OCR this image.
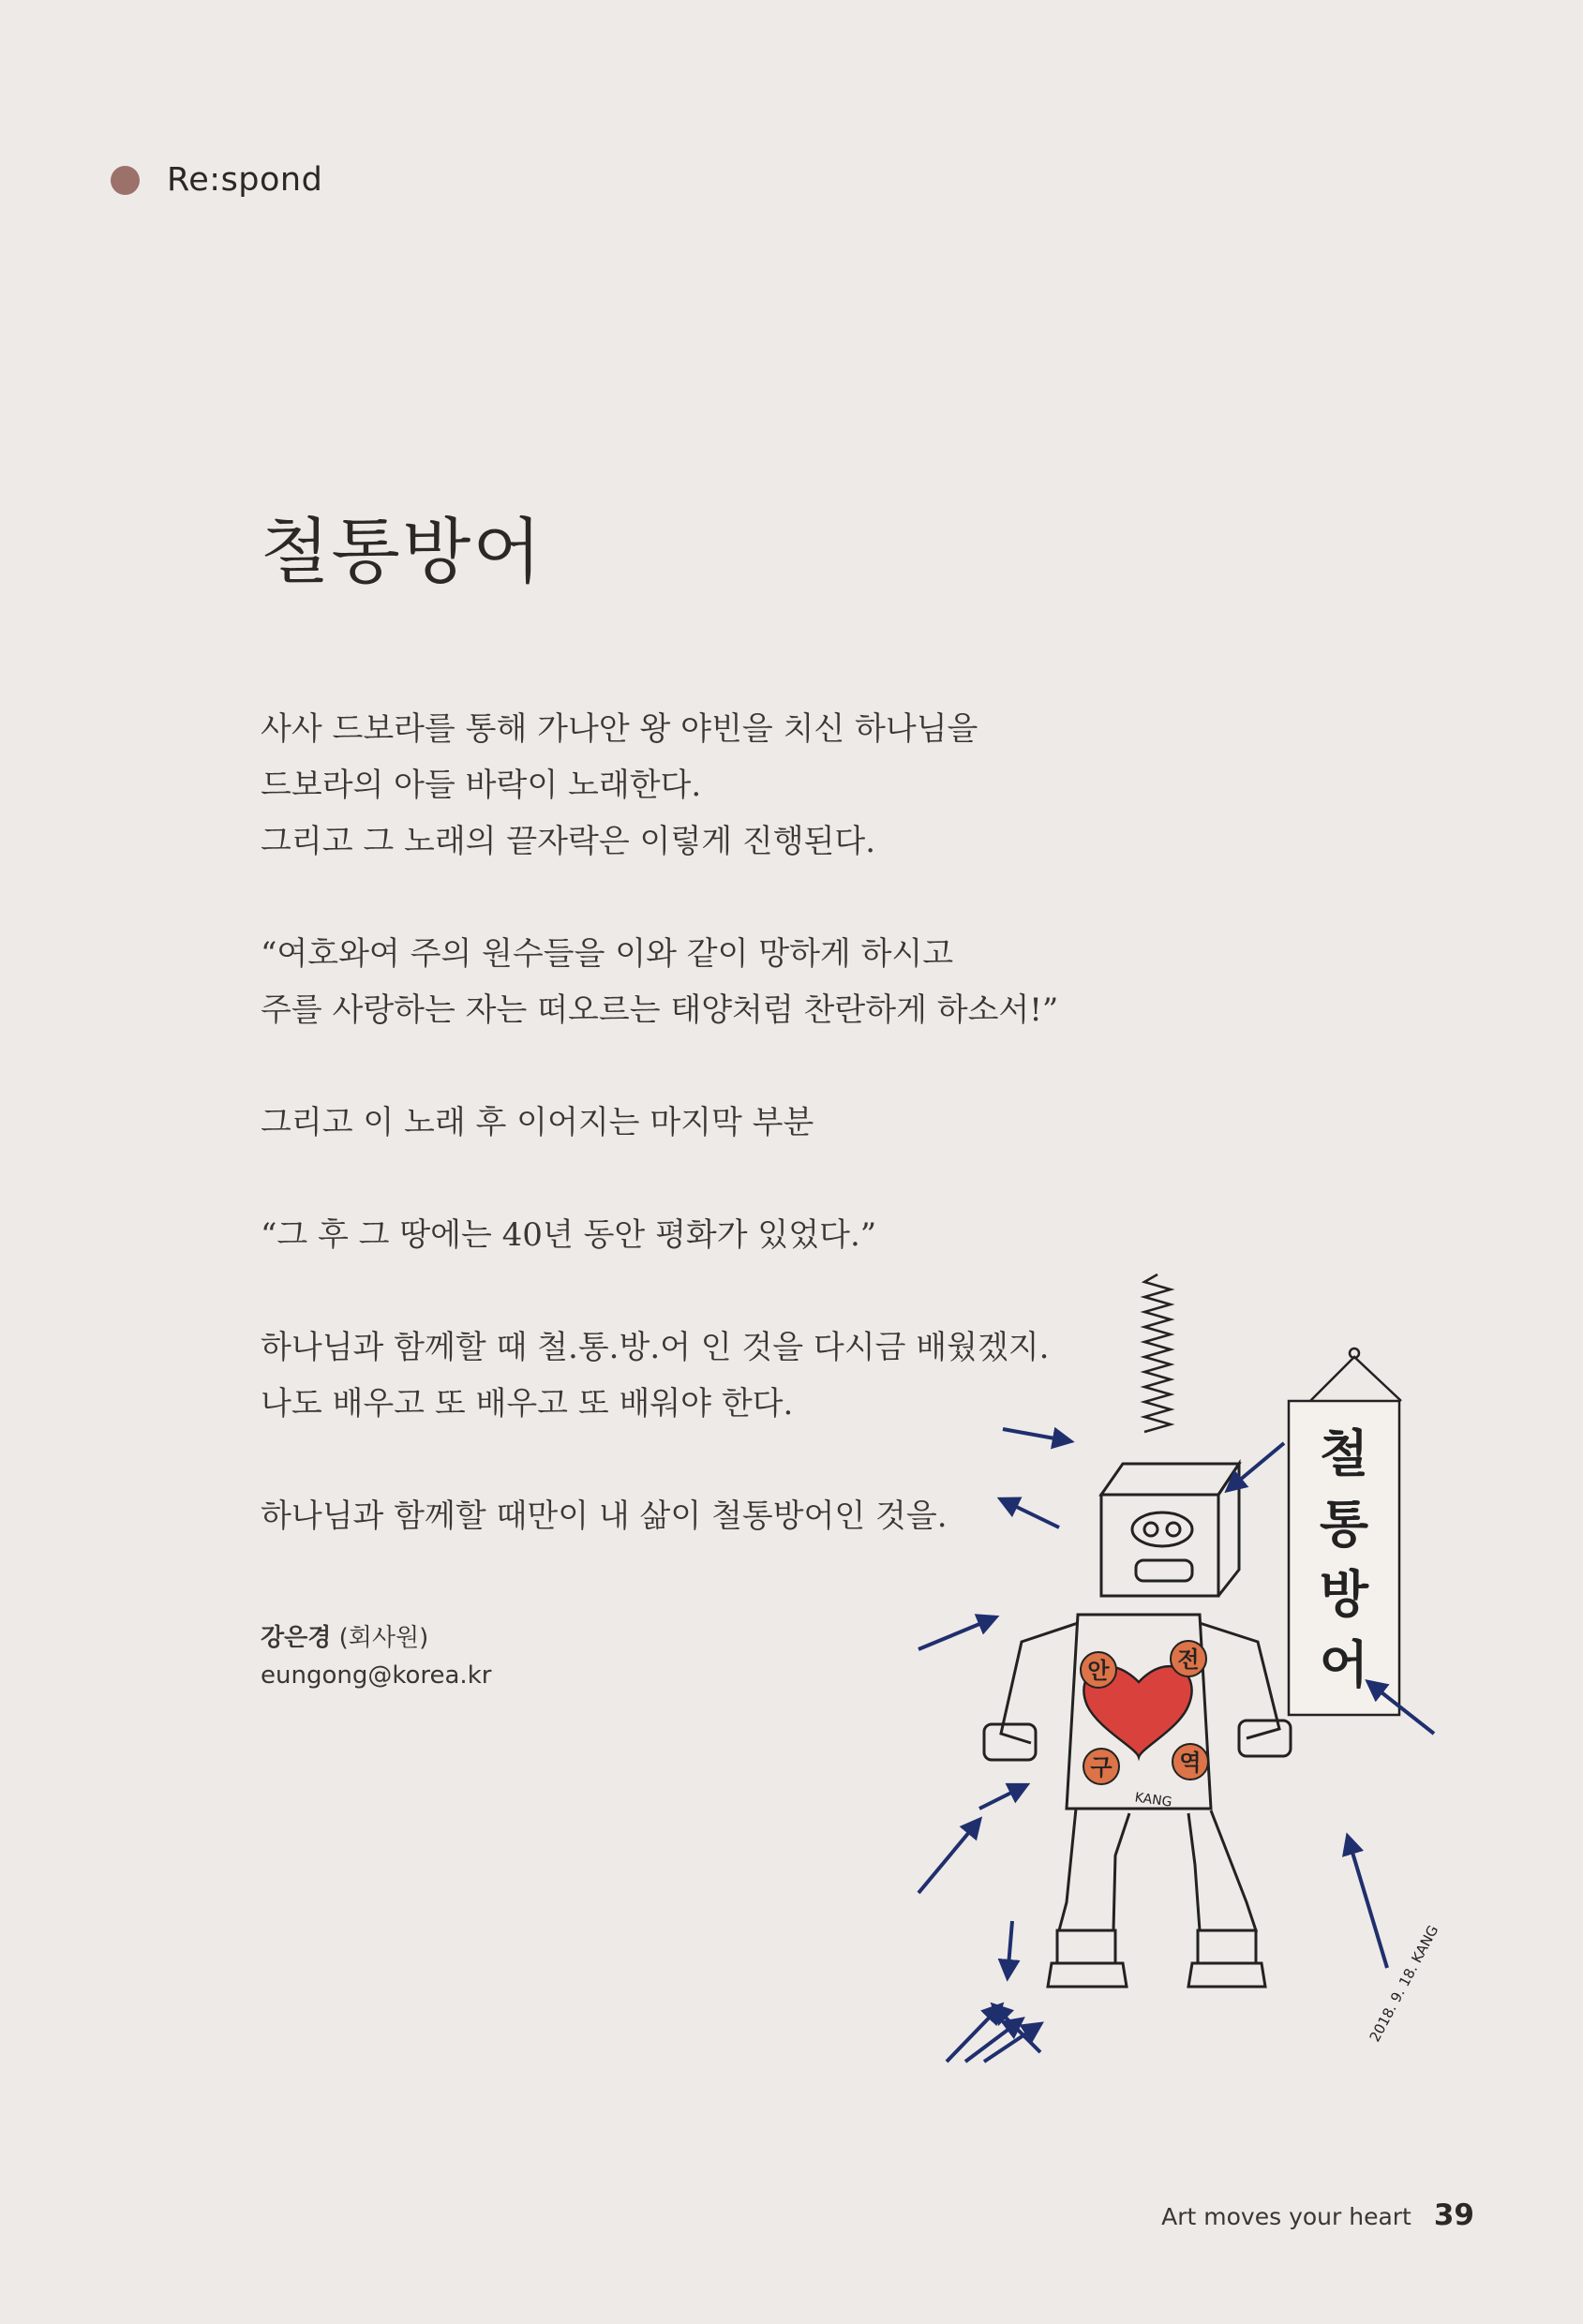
Re:spond
철통방어

사사 드보라를 통해 가나안 왕 야빈을 치신 하나님을
드보라의 아들 바락이 노래한다.
그리고 그 노래의 끝자락은 이렇게 진행된다.

“여호와여 주의 원수들을 이와 같이 망하게 하시고
주를 사랑하는 자는 떠오르는 태양처럼 찬란하게 하소서!”

그리고 이 노래 후 이어지는 마지막 부분

“그 후 그 땅에는 40년 동안 평화가 있었다.”

하나님과 함께할 때 철.통.방.어 인 것을 다시금 배웠겠지.
나도 배우고 또 배우고 또 배워야 한다.

하나님과 함께할 때만이 내 삶이 철통방어인 것을.

강은경 (회사원)
eungong@korea.kr	안	전
구	역
KANG
철
통
방
어
2018. 9. 18. KANG
Art moves your heart 39
